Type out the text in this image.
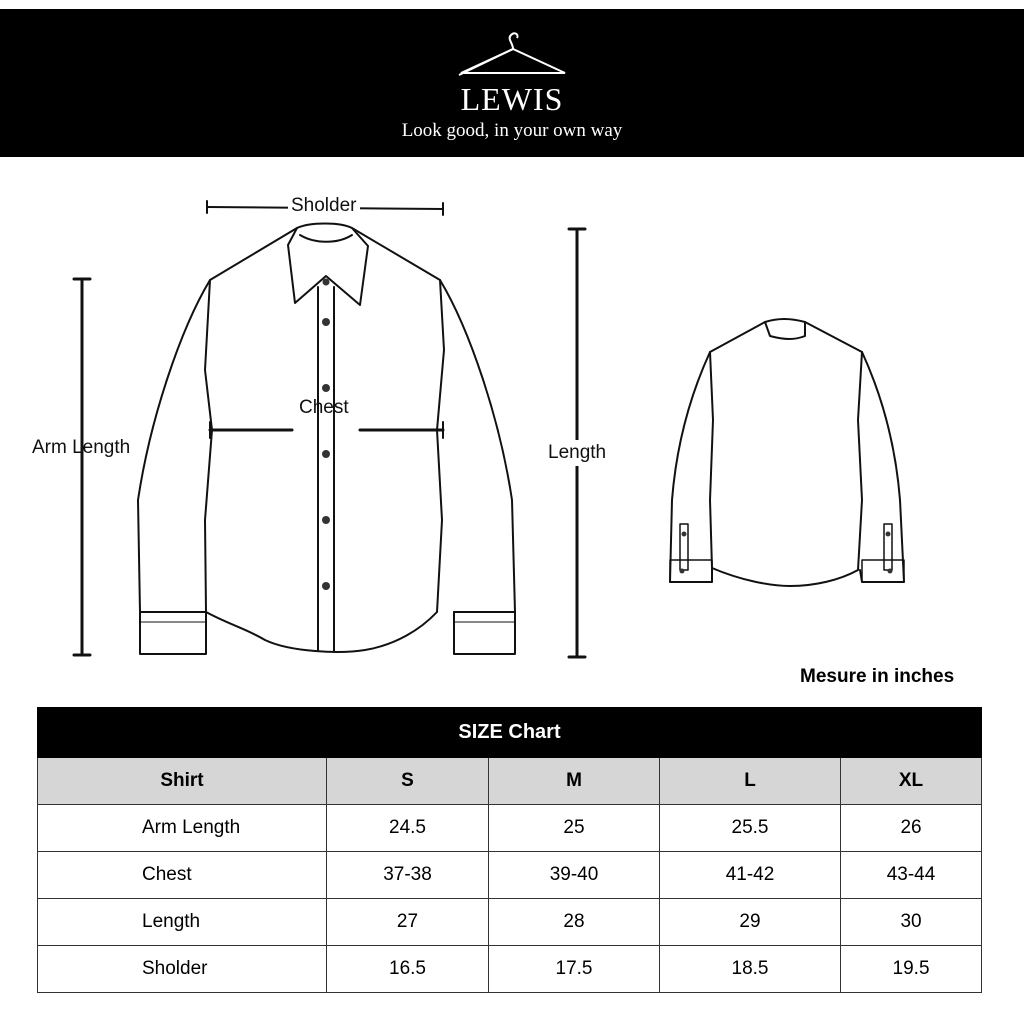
LEWIS
Look good, in your own way
Sholder
Chest
Arm Length	Length
Mesure in inches
SIZE Chart				
Shirt	S	M	L	XL
Arm Length	24.5	25	25.5	26
Chest	37-38	39-40	41-42	43-44
Length	27	28	29	30
Sholder	16.5	17.5	18.5	19.5
